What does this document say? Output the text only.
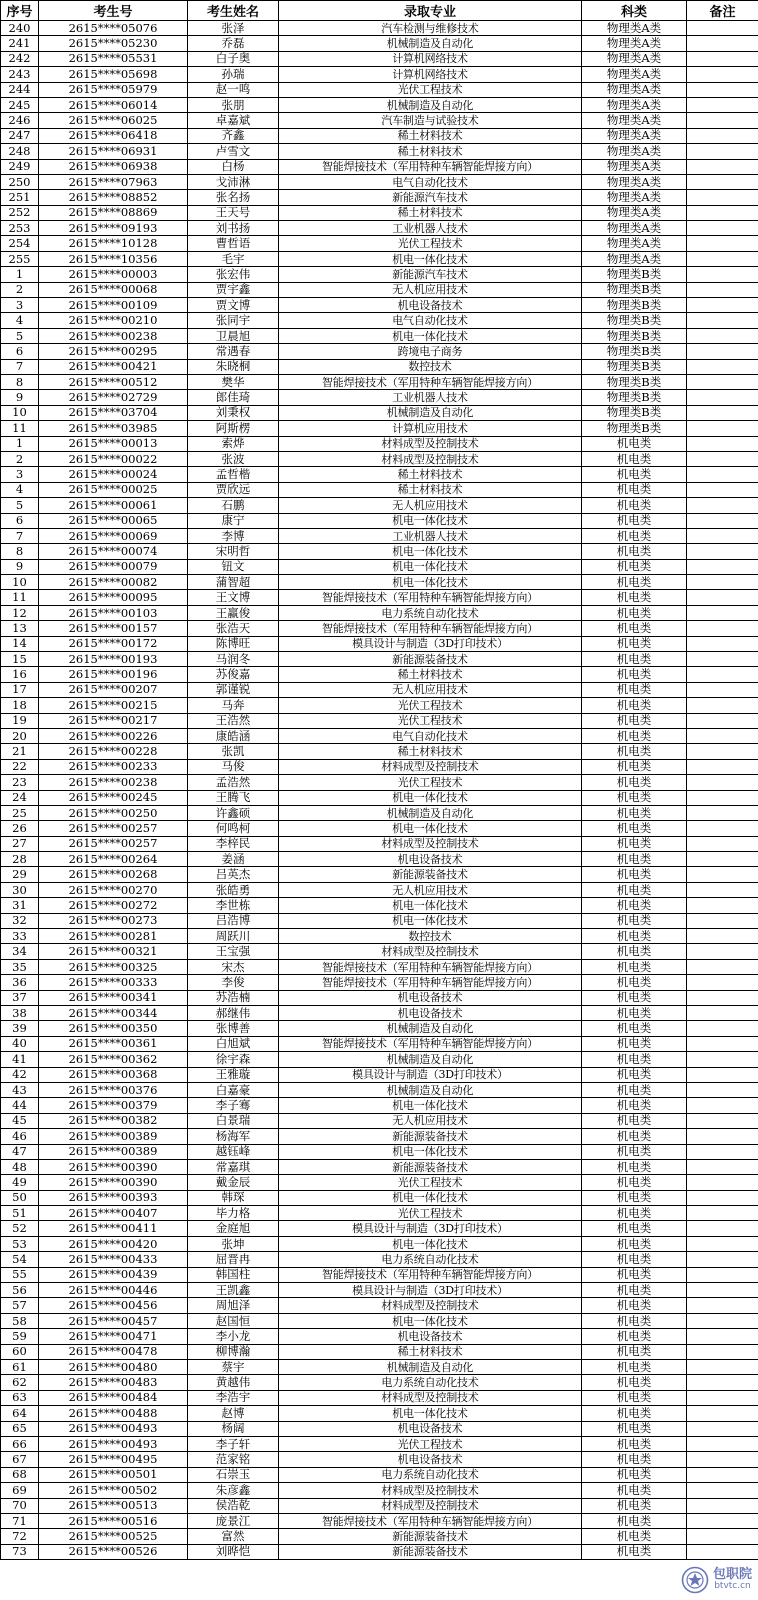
序号	考生号	考生姓名	录取专业	科类	备注
240	2615****05076	张泽	汽车检测与维修技术	物理类A类	
241	2615****05230	乔磊	机械制造及自动化	物理类A类	
242	2615****05531	白子奥	计算机网络技术	物理类A类	
243	2615****05698	孙瑞	计算机网络技术	物理类A类	
244	2615****05979	赵一鸣	光伏工程技术	物理类A类	
245	2615****06014	张朋	机械制造及自动化	物理类A类	
246	2615****06025	卓嘉斌	汽车制造与试验技术	物理类A类	
247	2615****06418	齐鑫	稀土材料技术	物理类A类	
248	2615****06931	卢雪文	稀土材料技术	物理类A类	
249	2615****06938	白杨	智能焊接技术（军用特种车辆智能焊接方向）	物理类A类	
250	2615****07963	戈沛淋	电气自动化技术	物理类A类	
251	2615****08852	张名扬	新能源汽车技术	物理类A类	
252	2615****08869	王天号	稀土材料技术	物理类A类	
253	2615****09193	刘书扬	工业机器人技术	物理类A类	
254	2615****10128	曹哲语	光伏工程技术	物理类A类	
255	2615****10356	毛宇	机电一体化技术	物理类A类	
1	2615****00003	张宏伟	新能源汽车技术	物理类B类	
2	2615****00068	贾宇鑫	无人机应用技术	物理类B类	
3	2615****00109	贾文博	机电设备技术	物理类B类	
4	2615****00210	张同宇	电气自动化技术	物理类B类	
5	2615****00238	卫晨旭	机电一体化技术	物理类B类	
6	2615****00295	常遇春	跨境电子商务	物理类B类	
7	2615****00421	朱晓桐	数控技术	物理类B类	
8	2615****00512	樊华	智能焊接技术（军用特种车辆智能焊接方向）	物理类B类	
9	2615****02729	郎佳琦	工业机器人技术	物理类B类	
10	2615****03704	刘秉权	机械制造及自动化	物理类B类	
11	2615****03985	阿斯楞	计算机应用技术	物理类B类	
1	2615****00013	索烨	材料成型及控制技术	机电类	
2	2615****00022	张波	材料成型及控制技术	机电类	
3	2615****00024	孟哲楷	稀土材料技术	机电类	
4	2615****00025	贾欣远	稀土材料技术	机电类	
5	2615****00061	石鹏	无人机应用技术	机电类	
6	2615****00065	康宁	机电一体化技术	机电类	
7	2615****00069	李博	工业机器人技术	机电类	
8	2615****00074	宋明哲	机电一体化技术	机电类	
9	2615****00079	钮文	机电一体化技术	机电类	
10	2615****00082	蒲智超	机电一体化技术	机电类	
11	2615****00095	王文博	智能焊接技术（军用特种车辆智能焊接方向）	机电类	
12	2615****00103	王赢俊	电力系统自动化技术	机电类	
13	2615****00157	张浩天	智能焊接技术（军用特种车辆智能焊接方向）	机电类	
14	2615****00172	陈博旺	模具设计与制造（3D打印技术）	机电类	
15	2615****00193	马润冬	新能源装备技术	机电类	
16	2615****00196	苏俊嘉	稀土材料技术	机电类	
17	2615****00207	郭谨锐	无人机应用技术	机电类	
18	2615****00215	马奔	光伏工程技术	机电类	
19	2615****00217	王浩然	光伏工程技术	机电类	
20	2615****00226	康皓涵	电气自动化技术	机电类	
21	2615****00228	张凯	稀土材料技术	机电类	
22	2615****00233	马俊	材料成型及控制技术	机电类	
23	2615****00238	孟浩然	光伏工程技术	机电类	
24	2615****00245	王腾飞	机电一体化技术	机电类	
25	2615****00250	许鑫硕	机械制造及自动化	机电类	
26	2615****00257	何鸣柯	机电一体化技术	机电类	
27	2615****00257	李梓民	材料成型及控制技术	机电类	
28	2615****00264	姜涵	机电设备技术	机电类	
29	2615****00268	吕英杰	新能源装备技术	机电类	
30	2615****00270	张皓勇	无人机应用技术	机电类	
31	2615****00272	李世栋	机电一体化技术	机电类	
32	2615****00273	吕浩博	机电一体化技术	机电类	
33	2615****00281	周跃川	数控技术	机电类	
34	2615****00321	王宝强	材料成型及控制技术	机电类	
35	2615****00325	宋杰	智能焊接技术（军用特种车辆智能焊接方向）	机电类	
36	2615****00333	李俊	智能焊接技术（军用特种车辆智能焊接方向）	机电类	
37	2615****00341	苏浩楠	机电设备技术	机电类	
38	2615****00344	郝继伟	机电设备技术	机电类	
39	2615****00350	张博善	机械制造及自动化	机电类	
40	2615****00361	白旭斌	智能焊接技术（军用特种车辆智能焊接方向）	机电类	
41	2615****00362	徐宇森	机械制造及自动化	机电类	
42	2615****00368	王雅璇	模具设计与制造（3D打印技术）	机电类	
43	2615****00376	白嘉豪	机械制造及自动化	机电类	
44	2615****00379	李子骞	机电一体化技术	机电类	
45	2615****00382	白景瑞	无人机应用技术	机电类	
46	2615****00389	杨海军	新能源装备技术	机电类	
47	2615****00389	越钰峰	机电一体化技术	机电类	
48	2615****00390	常嘉琪	新能源装备技术	机电类	
49	2615****00390	戴金辰	光伏工程技术	机电类	
50	2615****00393	韩琛	机电一体化技术	机电类	
51	2615****00407	毕力格	光伏工程技术	机电类	
52	2615****00411	金庭旭	模具设计与制造（3D打印技术）	机电类	
53	2615****00420	张坤	机电一体化技术	机电类	
54	2615****00433	屈晋冉	电力系统自动化技术	机电类	
55	2615****00439	韩国柱	智能焊接技术（军用特种车辆智能焊接方向）	机电类	
56	2615****00446	王凯鑫	模具设计与制造（3D打印技术）	机电类	
57	2615****00456	周旭泽	材料成型及控制技术	机电类	
58	2615****00457	赵国恒	机电一体化技术	机电类	
59	2615****00471	李小龙	机电设备技术	机电类	
60	2615****00478	柳博瀚	稀土材料技术	机电类	
61	2615****00480	蔡宇	机械制造及自动化	机电类	
62	2615****00483	黄越伟	电力系统自动化技术	机电类	
63	2615****00484	李浩宇	材料成型及控制技术	机电类	
64	2615****00488	赵博	机电一体化技术	机电类	
65	2615****00493	杨阔	机电设备技术	机电类	
66	2615****00493	李子轩	光伏工程技术	机电类	
67	2615****00495	范家铭	机电设备技术	机电类	
68	2615****00501	石崇玉	电力系统自动化技术	机电类	
69	2615****00502	朱彦鑫	材料成型及控制技术	机电类	
70	2615****00513	侯浩乾	材料成型及控制技术	机电类	
71	2615****00516	庞景江	智能焊接技术（军用特种车辆智能焊接方向）	机电类	
72	2615****00525	富然	新能源装备技术	机电类	
73	2615****00526	刘晔恺	新能源装备技术	机电类	
包职院
btvtc.cn
